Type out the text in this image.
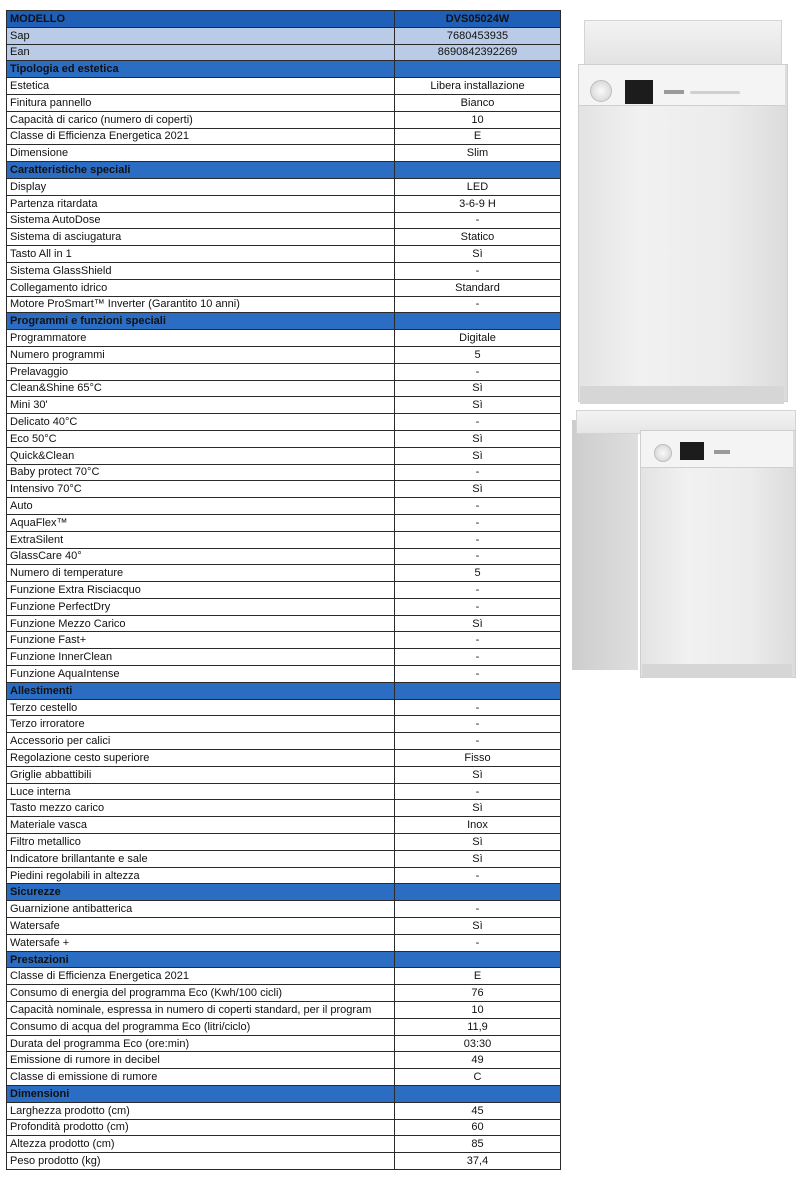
MODELLO	DVS05024W
Sap	7680453935
Ean	8690842392269
Tipologia ed estetica	
Estetica	Libera installazione
Finitura pannello	Bianco
Capacità di carico (numero di coperti)	10
Classe di Efficienza Energetica 2021	E
Dimensione	Slim
Caratteristiche speciali	
Display	LED
Partenza ritardata	3-6-9 H
Sistema AutoDose	-
Sistema di asciugatura	Statico
Tasto All in 1	Sì
Sistema GlassShield	-
Collegamento idrico	Standard
Motore ProSmart™ Inverter (Garantito 10 anni)	-
Programmi e funzioni speciali	
Programmatore	Digitale
Numero programmi	5
Prelavaggio	-
Clean&Shine 65°C	Sì
Mini 30'	Sì
Delicato 40°C	-
Eco 50°C	Sì
Quick&Clean	Sì
Baby protect 70°C	-
Intensivo 70°C	Sì
Auto	-
AquaFlex™	-
ExtraSilent	-
GlassCare 40°	-
Numero di temperature	5
Funzione Extra Risciacquo	-
Funzione PerfectDry	-
Funzione Mezzo Carico	Sì
Funzione Fast+	-
Funzione InnerClean	-
Funzione AquaIntense	-
Allestimenti	
Terzo cestello	-
Terzo irroratore	-
Accessorio per calici	-
Regolazione cesto superiore	Fisso
Griglie abbattibili	Sì
Luce interna	-
Tasto mezzo carico	Sì
Materiale vasca	Inox
Filtro metallico	Sì
Indicatore brillantante e sale	Sì
Piedini regolabili in altezza	-
Sicurezze	
Guarnizione antibatterica	-
Watersafe	Sì
Watersafe +	-
Prestazioni	
Classe di Efficienza Energetica 2021	E
Consumo di energia del programma Eco (Kwh/100 cicli)	76
Capacità nominale, espressa in numero di coperti standard, per il program	10
Consumo di acqua del programma Eco (litri/ciclo)	11,9
Durata del programma Eco (ore:min)	03:30
Emissione di rumore in decibel	49
Classe di emissione di rumore	C
Dimensioni	
Larghezza prodotto (cm)	45
Profondità prodotto (cm)	60
Altezza prodotto (cm)	85
Peso prodotto (kg)	37,4
